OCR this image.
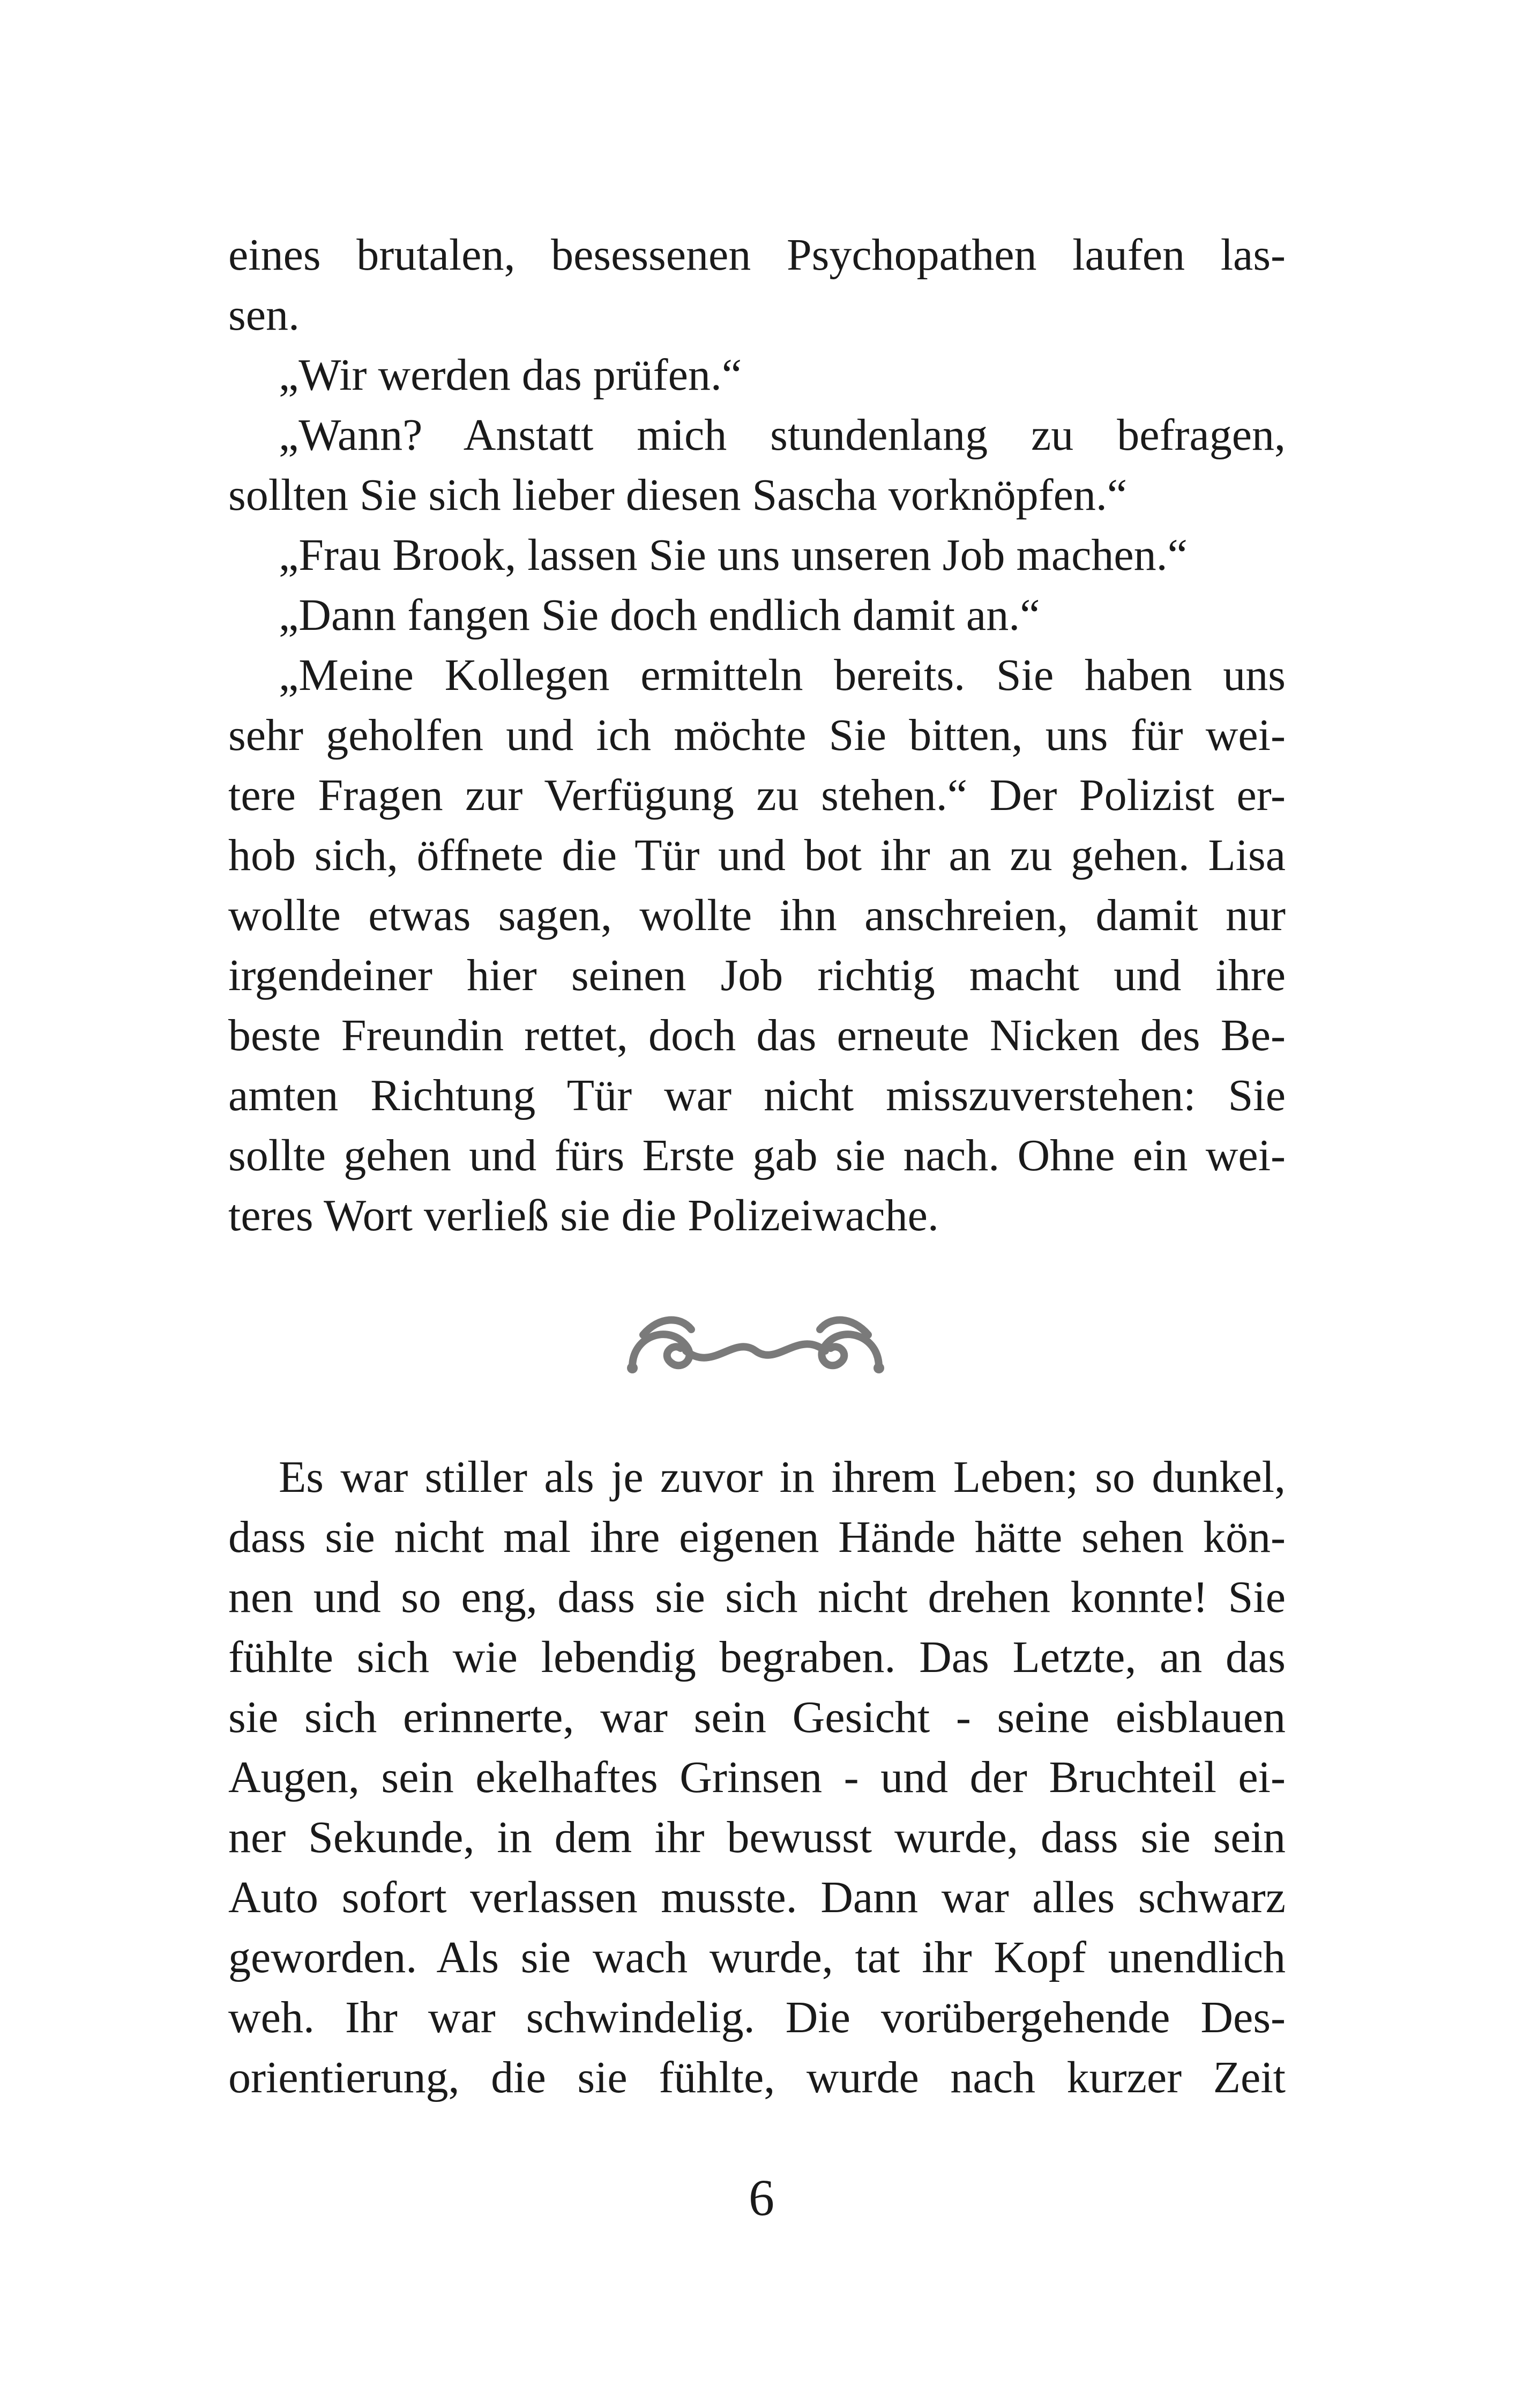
eines brutalen, besessenen Psychopathen laufen las-
sen.
„Wir werden das prüfen.“
„Wann? Anstatt mich stundenlang zu befragen,
sollten Sie sich lieber diesen Sascha vorknöpfen.“
„Frau Brook, lassen Sie uns unseren Job machen.“
„Dann fangen Sie doch endlich damit an.“
„Meine Kollegen ermitteln bereits. Sie haben uns
sehr geholfen und ich möchte Sie bitten, uns für wei-
tere Fragen zur Verfügung zu stehen.“ Der Polizist er-
hob sich, öffnete die Tür und bot ihr an zu gehen. Lisa
wollte etwas sagen, wollte ihn anschreien, damit nur
irgendeiner hier seinen Job richtig macht und ihre
beste Freundin rettet, doch das erneute Nicken des Be-
amten Richtung Tür war nicht misszuverstehen: Sie
sollte gehen und fürs Erste gab sie nach. Ohne ein wei-
teres Wort verließ sie die Polizeiwache.
Es war stiller als je zuvor in ihrem Leben; so dunkel,
dass sie nicht mal ihre eigenen Hände hätte sehen kön-
nen und so eng, dass sie sich nicht drehen konnte! Sie
fühlte sich wie lebendig begraben. Das Letzte, an das
sie sich erinnerte, war sein Gesicht - seine eisblauen
Augen, sein ekelhaftes Grinsen - und der Bruchteil ei-
ner Sekunde, in dem ihr bewusst wurde, dass sie sein
Auto sofort verlassen musste. Dann war alles schwarz
geworden. Als sie wach wurde, tat ihr Kopf unendlich
weh. Ihr war schwindelig. Die vorübergehende Des-
orientierung, die sie fühlte, wurde nach kurzer Zeit
6
